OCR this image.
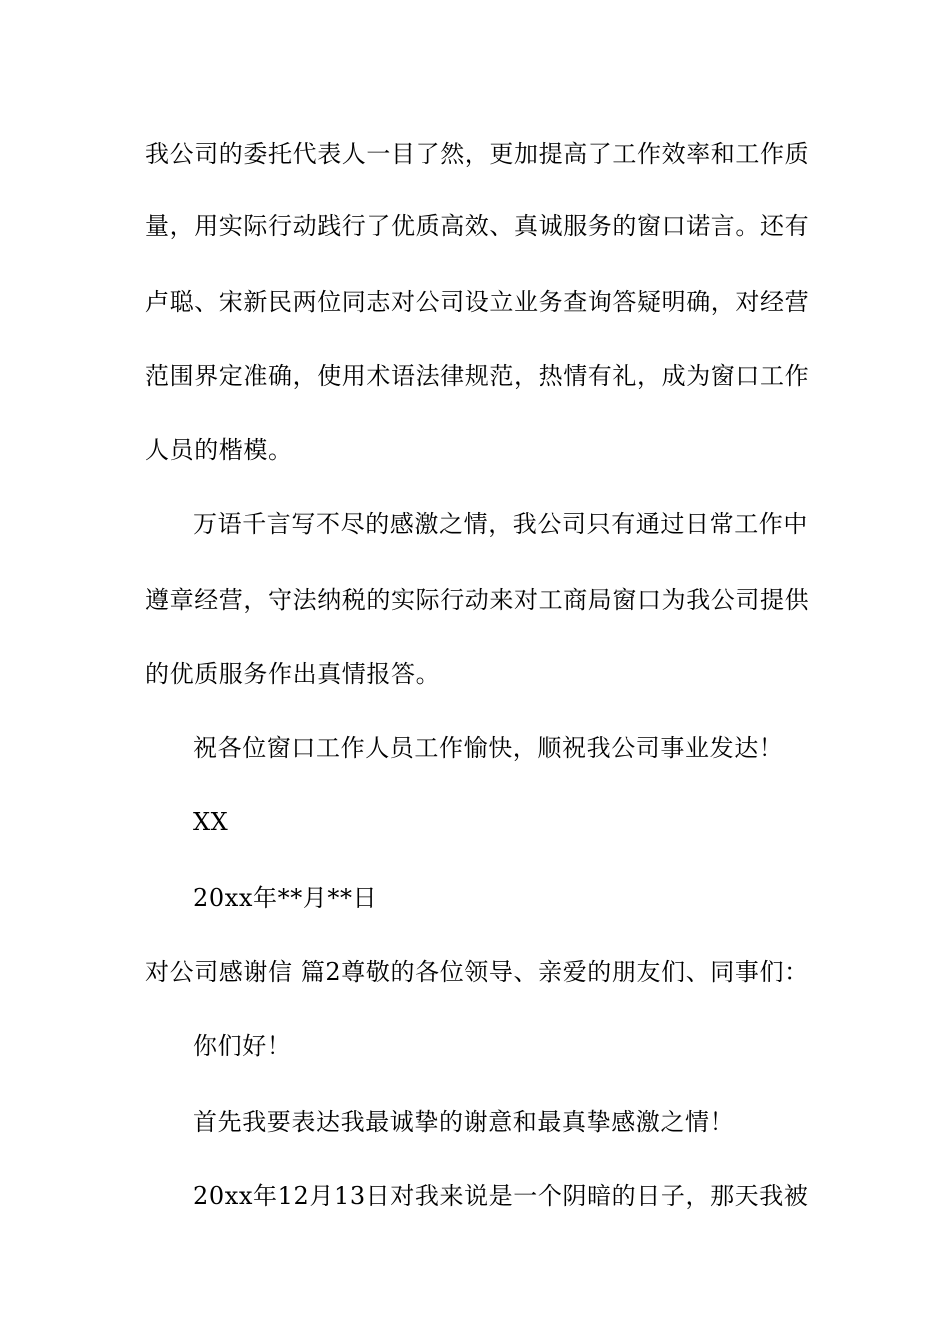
我公司的委托代表人一目了然，更加提高了工作效率和工作质
量，用实际行动践行了优质高效、真诚服务的窗口诺言。还有
卢聪、宋新民两位同志对公司设立业务查询答疑明确，对经营
范围界定准确，使用术语法律规范，热情有礼，成为窗口工作
人员的楷模。
万语千言写不尽的感激之情，我公司只有通过日常工作中
遵章经营，守法纳税的实际行动来对工商局窗口为我公司提供
的优质服务作出真情报答。
祝各位窗口工作人员工作愉快，顺祝我公司事业发达！
XX
20xx年**月**日
对公司感谢信 篇2尊敬的各位领导、亲爱的朋友们、同事们：
你们好！
首先我要表达我最诚挚的谢意和最真挚感激之情！
20xx年12月13日对我来说是一个阴暗的日子，那天我被
